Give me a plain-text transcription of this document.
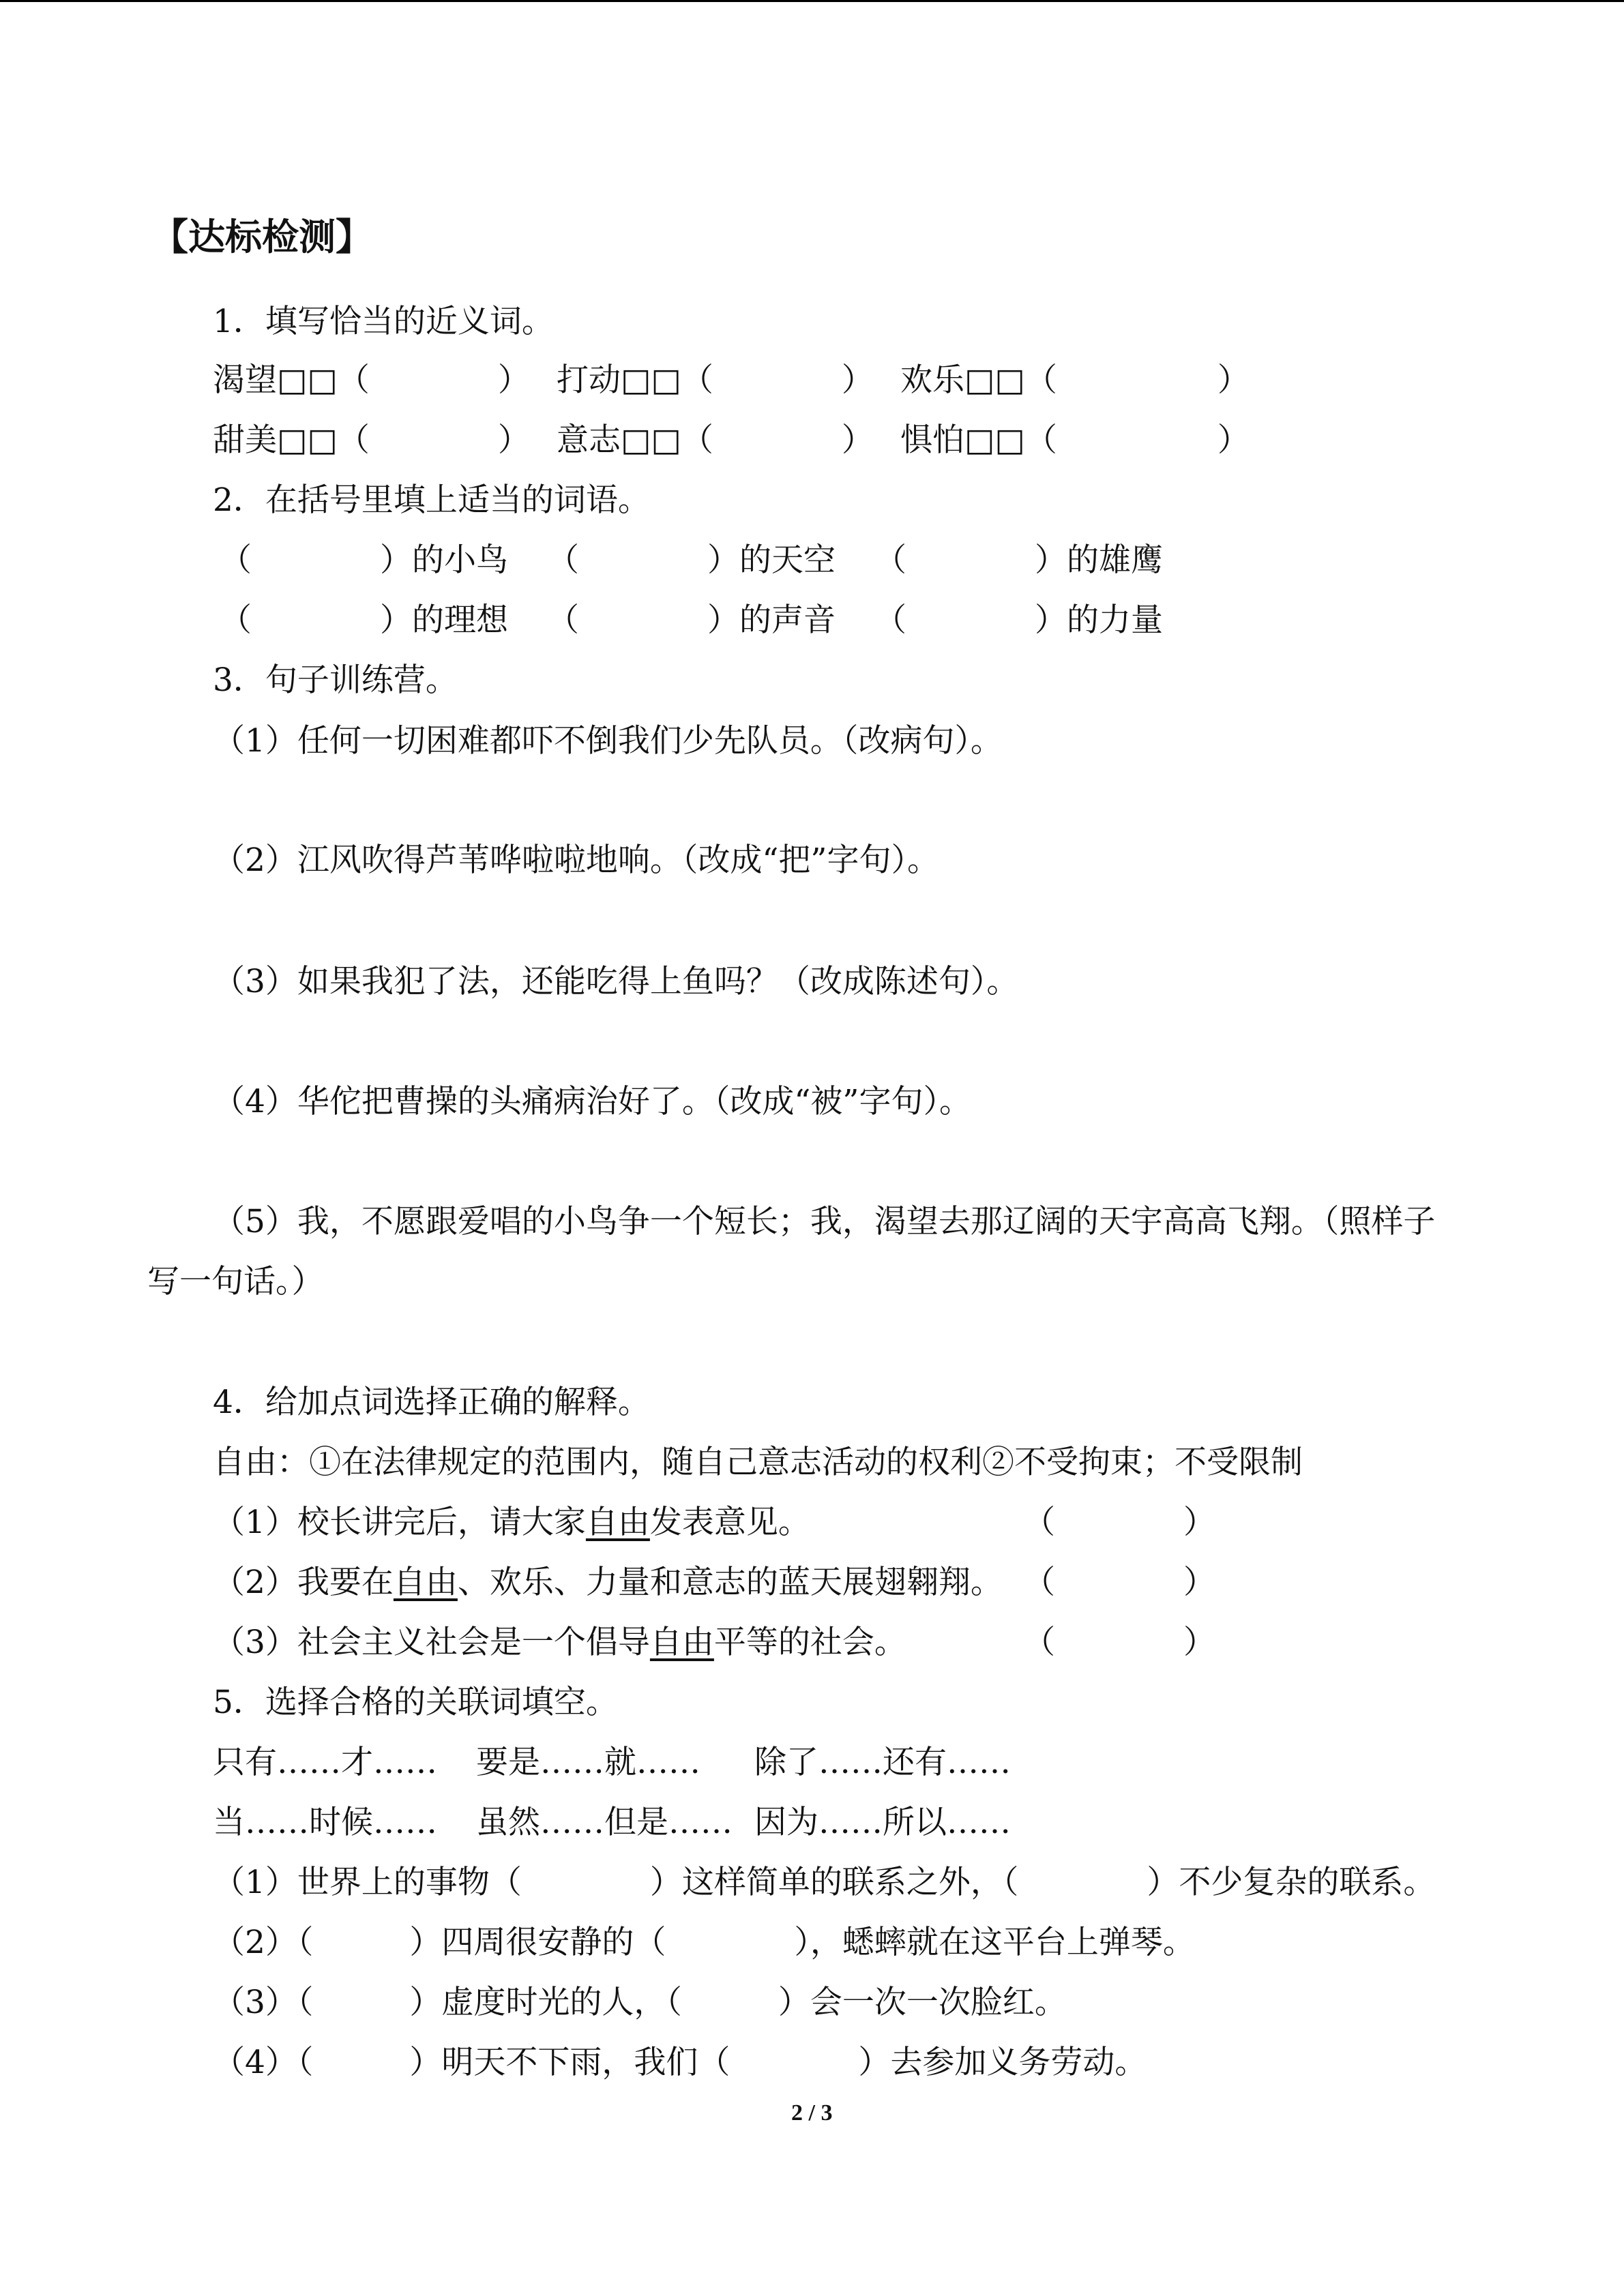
【达标检测】
1．填写恰当的近义词。
渴望□□（　　　　） 打动□□（　　　　） 欢乐□□（　　　　　）
甜美□□（　　　　） 意志□□（　　　　） 惧怕□□（　　　　　）
2．在括号里填上适当的词语。
（　　　　）的小鸟 （　　　　）的天空 （　　　　）的雄鹰
（　　　　）的理想 （　　　　）的声音 （　　　　）的力量
3．句子训练营。
（1）任何一切困难都吓不倒我们少先队员。（改病句）。
（2）江风吹得芦苇哗啦啦地响。（改成“把”字句）。
（3）如果我犯了法，还能吃得上鱼吗？（改成陈述句）。
（4）华佗把曹操的头痛病治好了。（改成“被”字句）。
（5）我，不愿跟爱唱的小鸟争一个短长；我，渴望去那辽阔的天宇高高飞翔。（照样子
写一句话。）
4．给加点词选择正确的解释。
自由：①在法律规定的范围内，随自己意志活动的权利②不受拘束；不受限制
（1）校长讲完后，请大家自由发表意见。	（　　　　）
（2）我要在自由、欢乐、力量和意志的蓝天展翅翱翔。 （　　　　）
（3）社会主义社会是一个倡导自由平等的社会。	（　　　　）
5．选择合格的关联词填空。
只有……才…… 要是……就…… 除了……还有……
当……时候…… 虽然……但是…… 因为……所以……
（1）世界上的事物（　　　　）这样简单的联系之外，（　　　　）不少复杂的联系。
（2）（　　　）四周很安静的（　　　　），蟋蟀就在这平台上弹琴。
（3）（　　　）虚度时光的人，（　　　）会一次一次脸红。
（4）（　　　）明天不下雨，我们（　　　　）去参加义务劳动。
2 / 3
